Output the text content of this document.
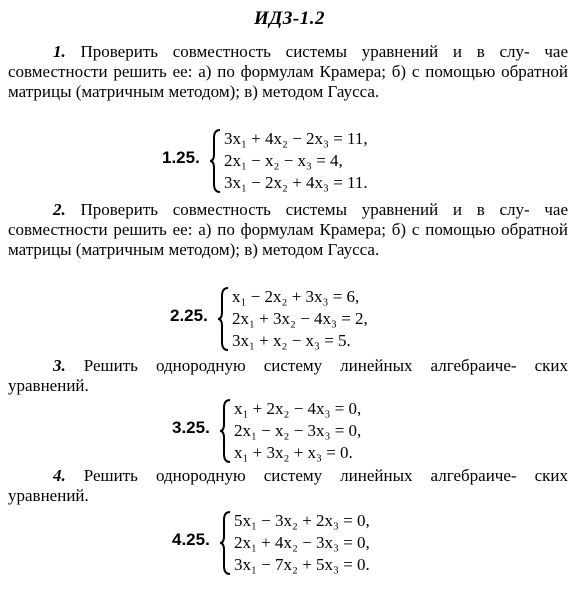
ИДЗ-1.2

1. Проверить совместность системы уравнений и в слу- чае совместности решить ее: а) по формулам Крамера; б) с помощью обратной матрицы (матричным методом); в) методом Гаусса.

1.25.
3x₁ + 4x₂ − 2x₃ = 11,
2x₁ − x₂ − x₃ = 4,
3x₁ − 2x₂ + 4x₃ = 11.

2. Проверить совместность системы уравнений и в слу- чае совместности решить ее: а) по формулам Крамера; б) с помощью обратной матрицы (матричным методом); в) методом Гаусса.

2.25.
x₁ − 2x₂ + 3x₃ = 6,
2x₁ + 3x₂ − 4x₃ = 2,
3x₁ + x₂ − x₃ = 5.

3. Решить однородную систему линейных алгебраиче- ских уравнений.

3.25.
x₁ + 2x₂ − 4x₃ = 0,
2x₁ − x₂ − 3x₃ = 0,
x₁ + 3x₂ + x₃ = 0.

4. Решить однородную систему линейных алгебраиче- ских уравнений.

4.25.
5x₁ − 3x₂ + 2x₃ = 0,
2x₁ + 4x₂ − 3x₃ = 0,
3x₁ − 7x₂ + 5x₃ = 0.
